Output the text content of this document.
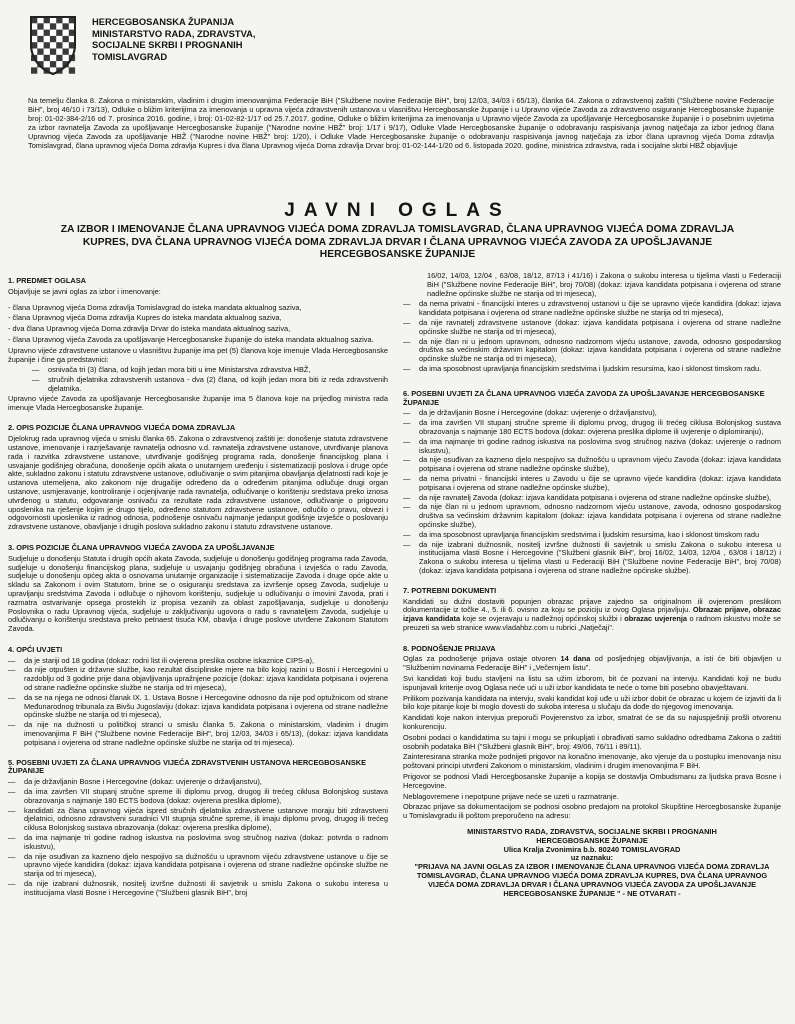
HERCEGBOSANSKA ŽUPANIJA
MINISTARSTVO RADA, ZDRAVSTVA,
SOCIJALNE SKRBI I PROGNANIH
TOMISLAVGRAD
Na temelju članka 8. Zakona o ministarskim, vladinim i drugim imenovanjima Federacije BiH ("Službene novine Federacije BiH", broj 12/03, 34/03 i 65/13), članka 64. Zakona o zdravstvenoj zaštiti ("Službene novine Federacije BiH", broj 46/10 i 73/13), Odluke o bližim kriterijima za imenovanja u upravna vijeća zdravstvenih ustanova u vlasništvu Hercegbosanske županije i u Upravno vijeće Zavoda za zdravstveno osiguranje Hercegbosanske županije broj: 01-02-384-2/16 od 7. prosinca 2016. godine, i broj: 01-02-82-1/17 od 25.7.2017. godine, Odluke o bližim kriterijima za imenovanja u Upravno vijeće Zavoda za upošljavanje Hercegbosanske županije i o posebnim uvjetima za izbor ravnatelja Zavoda za upošljavanje Hercegbosanske županije ("Narodne novine HBŽ" broj: 1/17 i 9/17), Odluke Vlade Hercegbosanske županije o odobravanju raspisivanja javnog natječaja za izbor jednog člana Upravnog vijeća Zavoda za upošljavanje HBŽ ("Narodne novine HBŽ" broj: 1/20), i Odluke Vlade Hercegbosanske županije o odobravanju raspisivanja javnog natječaja za izbor člana upravnog vijeća Doma zdravlja Tomislavgrad, člana upravnog vijeća Doma zdravlja Kupres i dva člana Upravnog vijeća Doma zdravlja Drvar broj: 01-02-144-1/20 od 6. listopada 2020. godine, ministrica zdravstva, rada i socijalne skrbi HBŽ objavljuje
JAVNI OGLAS
ZA IZBOR I IMENOVANJE ČLANA UPRAVNOG VIJEĆA DOMA ZDRAVLJA TOMISLAVGRAD, ČLANA UPRAVNOG VIJEĆA DOMA ZDRAVLJA KUPRES, DVA ČLANA UPRAVNOG VIJEĆA DOMA ZDRAVLJA DRVAR I ČLANA UPRAVNOG VIJEĆA ZAVODA ZA UPOŠLJAVANJE HERCEGBOSANSKE ŽUPANIJE
1. PREDMET OGLASA
Objavljuje se javni oglas za izbor i imenovanje:
- člana Upravnog vijeća Doma zdravlja Tomislavgrad do isteka mandata aktualnog saziva,
- člana Upravnog vijeća Doma zdravlja Kupres do isteka mandata aktualnog saziva,
- dva člana Upravnog vijeća Doma zdravlja Drvar do isteka mandata aktualnog saziva,
- člana Upravnog vijeća Zavoda za upošljavanje Hercegbosanske županije do isteka mandata aktualnog saziva.
Upravno vijeće zdravstvene ustanove u vlasništvu županije ima pet (5) članova koje imenuje Vlada Hercegbosanske županije i čine ga predstavnici:
—	osnivača tri (3) člana, od kojih jedan mora biti u ime Ministarstva zdravstva HBŽ,
—	stručnih djelatnika zdravstvenih ustanova - dva (2) člana, od kojih jedan mora biti iz reda zdravstvenih djelatnika.
Upravno vijeće Zavoda za upošljavanje Hercegbosanske županije ima 5 članova koje na prijedlog ministra rada imenuje Vlada Hercegbosanske županije.
2. OPIS POZICIJE ČLANA UPRAVNOG VIJEĆA DOMA ZDRAVLJA
Djelokrug rada upravnog vijeća u smislu članka 65. Zakona o zdravstvenoj zaštiti je: donošenje statuta zdravstvene ustanove, imenovanje i razrješavanje ravnatelja odnosno v.d. ravnatelja zdravstvene ustanove, utvrđivanje planova rada i razvitka zdravstvene ustanove, utvrđivanje godišnjeg programa rada, donošenje financijskog plana i usvajanje godišnjeg obračuna, donošenje općih akata o unutarnjem uređenju i sistematizaciji poslova i druge opće akte, sukladno zakonu i statutu zdravstvene ustanove, odlučivanje o svim pitanjima obavljanja djelatnosti radi koje je ustanova utemeljena, ako zakonom nije drugačije određeno da o određenim pitanjima odlučuje drugi organ ustanove, usmjeravanje, kontroliranje i ocjenjivanje rada ravnatelja, odlučivanje o korištenju sredstava preko iznosa utvrđenog u statutu, odgovaranje osnivaču za rezultate rada zdravstvene ustanove, odlučivanje o prigovoru uposlenika na rješenje kojim je drugo tijelo, određeno statutom zdravstvene ustanove, odlučilo o pravu, obvezi i odgovornosti uposlenika iz radnog odnosa, podnošenje osnivaču najmanje jedanput godišnje izvješće o poslovanju zdravstvene ustanove, obavljanje i drugih poslova sukladno zakonu i statutu zdravstvene ustanove.
3. OPIS POZICIJE ČLANA UPRAVNOG VIJEĆA ZAVODA ZA UPOŠLJAVANJE
Sudjeluje u donošenju Statuta i drugih općih akata Zavoda, sudjeluje u donošenju godišnjeg programa rada Zavoda, sudjeluje u donošenju financijskog plana, sudjeluje u usvajanju godišnjeg obračuna i izvješća o radu Zavoda, sudjeluje u donošenju općeg akta o osnovama unutarnje organizacije i sistematizacije Zavoda i druge opće akte u skladu sa Zakonom i ovim Statutom, brine se o osiguranju sredstava za izvršenje opseg Zavoda, sudjeluje u upravljanju sredstvima Zavoda i odlučuje o njihovom korištenju, sudjeluje u odlučivanju o imovini Zavoda, prati i razmatra ostvarivanje opsega prostekih iz propisa vezanih za oblast zapošljavanja, sudjeluje u donošenju Poslovnika o radu Upravnog vijeća, sudjeluje u zaključivanju ugovora o radu s ravnateljem Zavoda, sudjeluje u odlučivanju o korištenju sredstava preko petnaest tisuća KM, obavlja i druge poslove utvrđene Zakonom Statutom Zavoda.
4. OPĆI UVJETI
—	da je stariji od 18 godina (dokaz: rodni list ili ovjerena preslika osobne iskaznice CIPS-a),
—	da nije otpušten iz državne službe, kao rezultat disciplinske mjere na bilo kojoj razini u Bosni i Hercegovini u razdoblju od 3 godine prije dana objavljivanja upražnjene pozicije (dokaz: izjava kandidata potpisana i ovjerena od strane nadležne općinske službe ne starija od tri mjeseca),
—	da se na njega ne odnosi članak IX. 1. Ustava Bosne i Hercegovine odnosno da nije pod optužnicom od strane Međunarodnog tribunala za Bivšu Jugoslaviju (dokaz: izjava kandidata potpisana i ovjerena od strane nadležne općinske službe ne starija od tri mjeseca),
—	da nije na dužnosti u političkoj stranci u smislu članka 5. Zakona o ministarskim, vladinim i drugim imenovanjima F BiH ("Službene novine Federacije BiH", broj 12/03, 34/03 i 65/13), (dokaz: izjava kandidata potpisana i ovjerena od strane nadležne općinske službe ne starija od tri mjeseca).
5. POSEBNI UVJETI ZA ČLANA UPRAVNOG VIJEĆA ZDRAVSTVENIH USTANOVA HERCEGBOSANSKE ŽUPANIJE
—	da je državljanin Bosne i Hercegovine (dokaz: uvjerenje o državljanstvu),
—	da ima završen VII stupanj stručne spreme ili diplomu prvog, drugog ili trećeg ciklusa Bolonjskog sustava obrazovanja s najmanje 180 ECTS bodova (dokaz: ovjerena preslika diplome),
—	kandidati za člana upravnog vijeća ispred stručnih djelatnika zdravstvene ustanove moraju biti zdravstveni djelatnici, odnosno zdravstveni suradnici VII stupnja stručne spreme, ili imaju diplomu prvog, drugog ili trećeg ciklusa Bolonjskog sustava obrazovanja (dokaz: ovjerena preslika diplome),
—	da ima najmanje tri godine radnog iskustva na poslovima svog stručnog naziva (dokaz: potvrda o radnom iskustvu),
—	da nije osuđivan za kazneno djelo nespojivo sa dužnošću u upravnom vijeću zdravstvene ustanove u čije se upravno vijeće kandidira (dokaz: izjava kandidata potpisana i ovjerena od strane nadležne općinske službe ne starija od tri mjeseca),
—	da nije izabrani dužnosnik, nositelj izvršne dužnosti ili savjetnik u smislu Zakona o sukobu interesa u institucijama vlasti Bosne i Hercegovine ("Službeni glasnik BiH", broj
16/02, 14/03, 12/04 , 63/08, 18/12, 87/13 i 41/16) i Zakona o sukobu interesa u tijelima vlasti u Federaciji BiH ("Službene novine Federacije BiH", broj 70/08) (dokaz: izjava kandidata potpisana i ovjerena od strane nadležne općinske službe ne starija od tri mjeseca),
—	da nema privatni - financijski interes u zdravstvenoj ustanovi u čije se upravno vijeće kandidira (dokaz: izjava kandidata potpisana i ovjerena od strane nadležne općinske službe ne starija od tri mjeseca),
—	da nije ravnatelj zdravstvene ustanove (dokaz: izjava kandidata potpisana i ovjerena od strane nadležne općinske službe ne starija od tri mjeseca),
—	da nije član ni u jednom upravnom, odnosno nadzornom vijeću ustanove, zavoda, odnosno gospodarskog društva sa većinskim državnim kapitalom (dokaz: izjava kandidata potpisana i ovjerena od strane nadležne općinske službe ne starija od tri mjeseca),
—	da ima sposobnost upravljanja financijskim sredstvima i ljudskim resursima, kao i sklonost timskom radu.
6. POSEBNI UVJETI ZA ČLANA UPRAVNOG VIJEĆA ZAVODA ZA UPOŠLJAVANJE HERCEGBOSANSKE ŽUPANIJE
—	da je državljanin Bosne i Hercegovine (dokaz: uvjerenje o državljanstvu),
—	da ima završen VII stupanj stručne spreme ili diplomu prvog, drugog ili trećeg ciklusa Bolonjskog sustava obrazovanja s najmanje 180 ECTS bodova (dokaz: ovjerena preslika diplome ili uvjerenje o diplomiranju),
—	da ima najmanje tri godine radnog iskustva na poslovima svog stručnog naziva (dokaz: uvjerenje o radnom iskustvu),
—	da nije osuđivan za kazneno djelo nespojivo sa dužnošću u upravnom vijeću Zavoda (dokaz: izjava kandidata potpisana i ovjerena od strane nadležne općinske službe),
—	da nema privatni - financijski interes u Zavodu u čije se upravno vijeće kandidira (dokaz: izjava kandidata potpisana i ovjerena od strane nadležne općinske službe),
—	da nije ravnatelj Zavoda (dokaz: izjava kandidata potpisana i ovjerena od strane nadležne općinske službe),
—	da nije član ni u jednom upravnom, odnosno nadzornom vijeću ustanove, zavoda, odnosno gospodarskog društva sa većinskim državnim kapitalom (dokaz: izjava kandidata potpisana i ovjerena od strane nadležne općinske službe),
—	da ima sposobnost upravljanja financijskim sredstvima i ljudskim resursima, kao i sklonost timskom radu
—	da nije izabrani dužnosnik, nositelj izvršne dužnosti ili savjetnik u smislu Zakona o sukobu interesa u institucijama vlasti Bosne i Hercegovine ("Službeni glasnik BiH", broj 16/02, 14/03, 12/04 , 63/08 i 18/12) i Zakona o sukobu interesa u tijelima vlasti u Federaciji BiH ("Službene novine Federacije BiH", broj 70/08) (dokaz: izjava kandidata potpisana i ovjerena od strane nadležne općinske službe).
7. POTREBNI DOKUMENTI
Kandidati su dužni dostaviti popunjen obrazac prijave zajedno sa originalnom ili ovjerenom preslikom dokumentacije iz točke 4., 5. ili 6. ovisno za koju se poziciju iz ovog Oglasa prijavljuju. Obrazac prijave, obrazac izjava kandidata koje se ovjeravaju u nadležnoj općinskoj službi i obrazac uvjerenja o radnom iskustvu može se preuzeti sa web stranice www.vladahbz.com u rubrici „Natječaji".
8. PODNOŠENJE PRIJAVA
Oglas za podnošenje prijava ostaje otvoren 14 dana od posljednjeg objavljivanja, a isti će biti objavljen u "Službenim novinama Federacije BiH" i „Večernjem listu".
Svi kandidati koji budu stavljeni na listu sa užim izborom, bit će pozvani na intervju. Kandidati koji ne budu ispunjavali kriterije ovog Oglasa neće ući u uži izbor kandidata te neće o tome biti posebno obavještavani.
Prilikom pozivanja kandidata na intervju, svaki kandidat koji uđe u uži izbor dobit će obrazac u kojem će izjaviti da li bilo koje pitanje koje bi moglo dovesti do sukoba interesa u slučaju da dođe do njegovog imenovanja.
Kandidati koje nakon intervjua preporuči Povjerenstvo za izbor, smatrat će se da su najuspješniji prošli otvorenu konkurenciju.
Osobni podaci o kandidatima su tajni i mogu se prikupljati i obrađivati samo sukladno odredbama Zakona o zaštiti osobnih podataka BiH ("Službeni glasnik BiH", broj: 49/06, 76/11 i 89/11).
Zainteresirana stranka može podnijeti prigovor na konačno imenovanje, ako vjeruje da u postupku imenovanja nisu poštovani principi utvrđeni Zakonom o ministarskim, vladinim i drugim imenovanjima F BiH.
Prigovor se podnosi Vladi Hercegbosanske županije a kopija se dostavlja Ombudsmanu za ljudska prava Bosne i Hercegovine.
Neblagovremene i nepotpune prijave neće se uzeti u razmatranje.
Obrazac prijave sa dokumentacijom se podnosi osobno predajom na protokol Skupštine Hercegbosanske županije u Tomislavgradu ili poštom preporučeno na adresu:
MINISTARSTVO RADA, ZDRAVSTVA, SOCIJALNE SKRBI I PROGNANIH
HERCEGBOSANSKE ŽUPANIJE
Ulica Kralja Zvonimira b.b. 80240 TOMISLAVGRAD
uz naznaku:
"PRIJAVA NA JAVNI OGLAS ZA IZBOR I IMENOVANJE ČLANA UPRAVNOG VIJEĆA DOMA ZDRAVLJA TOMISLAVGRAD, ČLANA UPRAVNOG VIJEĆA DOMA ZDRAVLJA KUPRES, DVA ČLANA UPRAVNOG VIJEĆA DOMA ZDRAVLJA DRVAR I ČLANA UPRAVNOG VIJEĆA ZAVODA ZA UPOŠLJAVANJE HERCEGBOSANSKE ŽUPANIJE " - NE OTVARATI -
